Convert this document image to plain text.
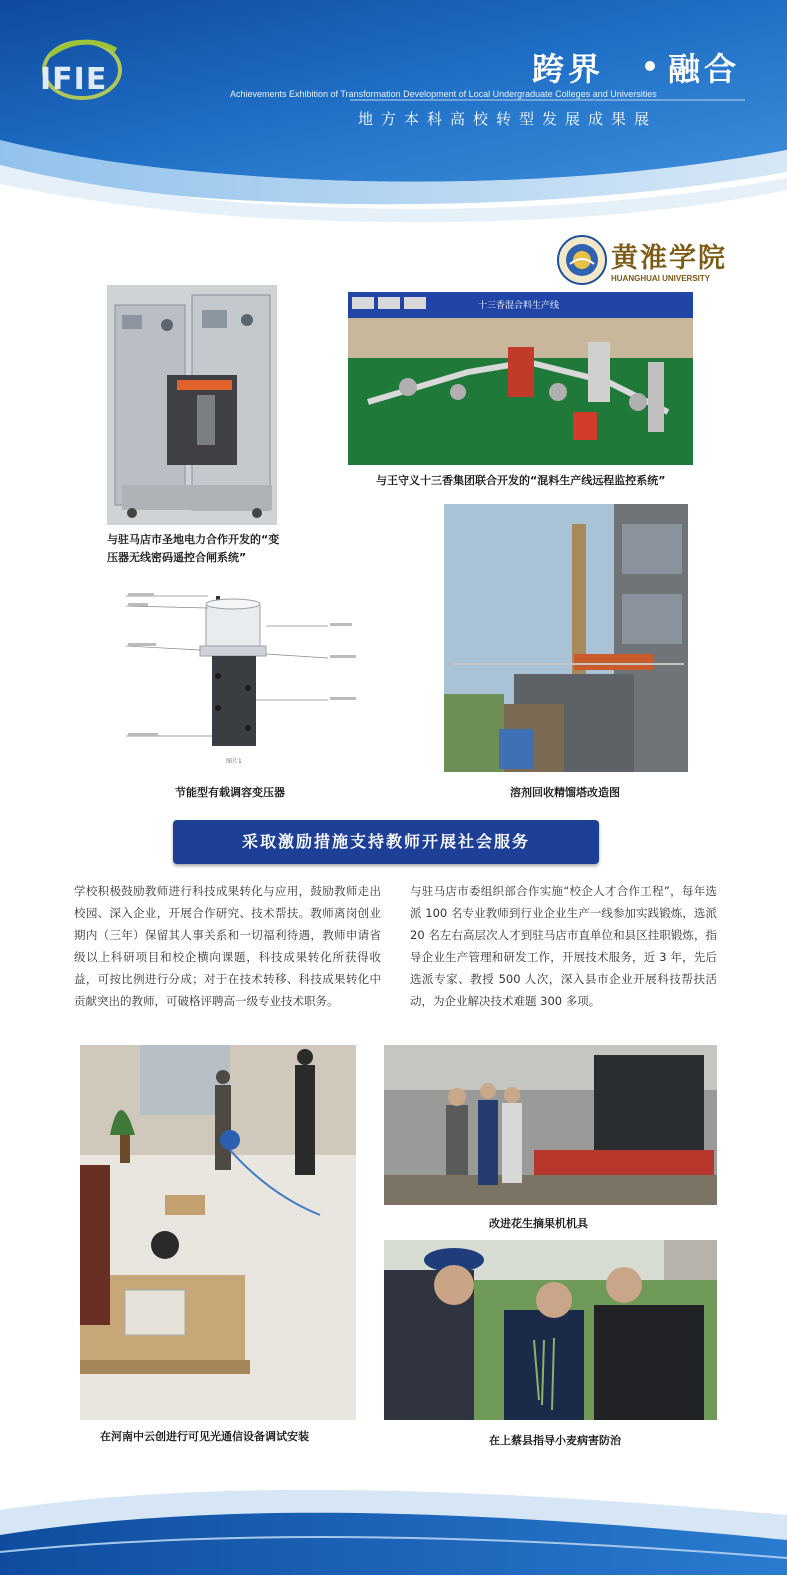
IFIE	跨界 融合
Achievements Exhibition of Transformation Development of Local Undergraduate Colleges and Universities
地方本科高校转型发展成果展
黄淮学院
HUANGHUAI UNIVERSITY
与驻马店市圣地电力合作开发的“变
压器无线密码遥控合闸系统”
十三香混合料生产线
与王守义十三香集团联合开发的“混料生产线远程监控系统”
图片1
节能型有载调容变压器	溶剂回收精馏塔改造图
采取激励措施支持教师开展社会服务
学校积极鼓励教师进行科技成果转化与应用，鼓励教师走出校园、深入企业，开展合作研究、技术帮扶。教师离岗创业期内（三年）保留其人事关系和一切福利待遇，教师申请省级以上科研项目和校企横向课题，科技成果转化所获得收益，可按比例进行分成；对于在技术转移、科技成果转化中贡献突出的教师，可破格评聘高一级专业技术职务。
与驻马店市委组织部合作实施“校企人才合作工程”，每年选派 100 名专业教师到行业企业生产一线参加实践锻炼，选派 20 名左右高层次人才到驻马店市直单位和县区挂职锻炼，指导企业生产管理和研发工作，开展技术服务，近 3 年，先后选派专家、教授 500 人次，深入县市企业开展科技帮扶活动，为企业解决技术难题 300 多项。
在河南中云创进行可见光通信设备调试安装
改进花生摘果机机具
在上蔡县指导小麦病害防治
